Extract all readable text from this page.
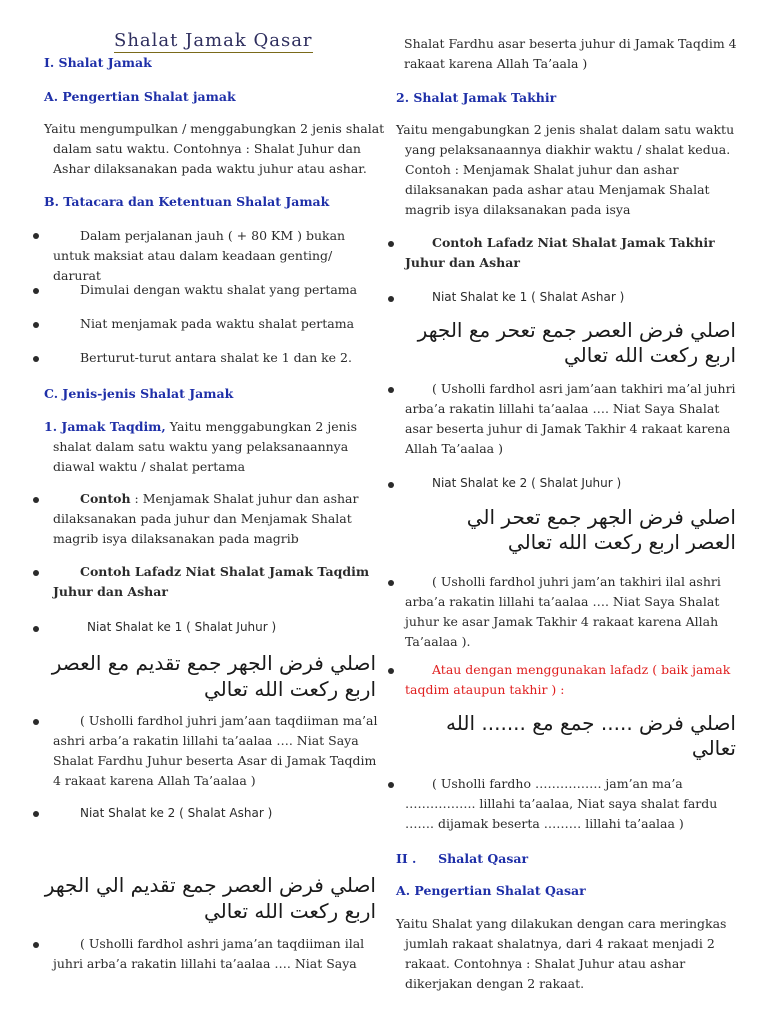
Shalat Jamak Qasar
I. Shalat Jamak
A. Pengertian Shalat jamak
Yaitu mengumpulkan / menggabungkan 2 jenis shalat dalam satu waktu. Contohnya : Shalat Juhur dan Ashar dilaksanakan pada waktu juhur atau ashar.
B. Tatacara dan Ketentuan Shalat Jamak
Dalam perjalanan jauh ( + 80 KM ) bukan untuk maksiat atau dalam keadaan genting/ darurat
Dimulai dengan waktu shalat yang pertama
Niat menjamak pada waktu shalat pertama
Berturut-turut antara shalat ke 1 dan ke 2.
C. Jenis-jenis Shalat Jamak
1. Jamak Taqdim, Yaitu menggabungkan 2 jenis shalat dalam satu waktu yang pelaksanaannya diawal waktu / shalat pertama
Contoh : Menjamak Shalat juhur dan ashar dilaksanakan pada juhur dan Menjamak Shalat magrib isya dilaksanakan pada magrib
Contoh Lafadz Niat Shalat Jamak Taqdim Juhur dan Ashar
Niat Shalat ke 1 ( Shalat Juhur )
اصلي فرض الجهر جمع تقديم مع العصر
اربع ركعت الله تعالي
( Usholli fardhol juhri jam’aan taqdiiman ma’al ashri arba’a rakatin lillahi ta’aalaa …. Niat Saya Shalat Fardhu Juhur beserta Asar di Jamak Taqdim 4 rakaat karena Allah Ta’aalaa )
Niat Shalat ke 2 ( Shalat Ashar )
اصلي فرض العصر جمع تقديم الي الجهر
اربع ركعت الله تعالي
( Usholli fardhol ashri jama’an taqdiiman ilal juhri arba’a rakatin lillahi ta’aalaa …. Niat Saya
Shalat Fardhu asar beserta juhur di Jamak Taqdim 4 rakaat karena Allah Ta’aala )
2. Shalat Jamak Takhir
Yaitu mengabungkan 2 jenis shalat dalam satu waktu yang pelaksanaannya diakhir waktu / shalat kedua. Contoh : Menjamak Shalat juhur dan ashar dilaksanakan pada ashar atau Menjamak Shalat magrib isya dilaksanakan pada isya
Contoh Lafadz Niat Shalat Jamak Takhir Juhur dan Ashar
Niat Shalat ke 1 ( Shalat Ashar )
اصلي فرض العصر جمع تعحر مع الجهر
اربع ركعت الله تعالي
( Usholli fardhol asri jam’aan takhiri ma’al juhri arba’a rakatin lillahi ta’aalaa …. Niat Saya Shalat asar beserta juhur di Jamak Takhir 4 rakaat karena Allah Ta’aalaa )
Niat Shalat ke 2 ( Shalat Juhur )
اصلي فرض الجهر جمع تعحر الي
العصر اربع ركعت الله تعالي
( Usholli fardhol juhri jam’an takhiri ilal ashri arba’a rakatin lillahi ta’aalaa …. Niat Saya Shalat juhur ke asar Jamak Takhir 4 rakaat karena Allah Ta’aalaa ).
Atau dengan menggunakan lafadz ( baik jamak taqdim ataupun takhir ) :
اصلي فرض ..... جمع مع ....... الله
تعالي
( Usholli fardho ……………. jam’an ma’a …………….. lillahi ta’aalaa, Niat saya shalat fardu ……. dijamak beserta ……… lillahi ta’aalaa )
II .     Shalat Qasar
A. Pengertian Shalat Qasar
Yaitu Shalat yang dilakukan dengan cara meringkas jumlah rakaat shalatnya, dari 4 rakaat menjadi 2 rakaat. Contohnya : Shalat Juhur atau ashar dikerjakan dengan 2 rakaat.
